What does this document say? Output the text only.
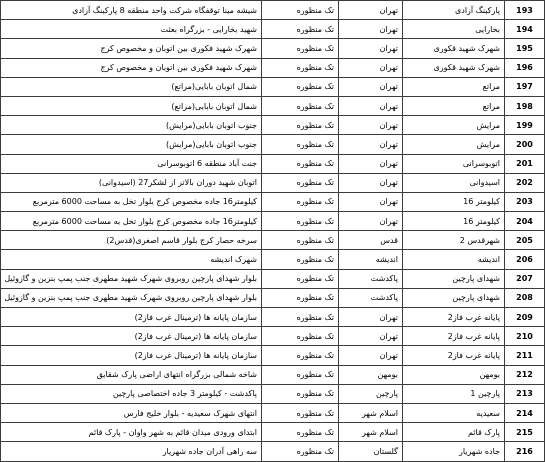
شیشه مینا توقفگاه شرکت واحد منطقه 8 پارکینگ آزادی	تک منظوره	تهران	پارکینگ آزادی	193
شهید بخارایی - بزرگراه بعثت	تک منظوره	تهران	بخارایی	194
شهرک شهید فکوری بین اتوبان و مخصوص کرج	تک منظوره	تهران	شهرک شهید قکوری	195
شهرک شهید فکوری بین اتوبان و مخصوص کرج	تک منظوره	تهران	شهرک شهید قکوری	196
شمال اتوبان بابایی(مراتع)	تک منظوره	تهران	مراتع	197
شمال اتوبان بابایی(مراتع)	تک منظوره	تهران	مراتع	198
جنوب اتوبان بابایی(مرایش)	تک منظوره	تهران	مرایش	199
جنوب اتوبان بابایی(مرایش)	تک منظوره	تهران	مرایش	200
جنت آباد منطقه 6 اتوبوسرانی	تک منظوره	تهران	اتوبوسرانی	201
اتوبان شهید دوران بالاتر از لشکر27 (اسیدوانی)	تک منظوره	تهران	اسیدوانی	202
کیلومتر16 جاده مخصوص کرج بلوار تخل به مساحت 6000 مترمربع	تک منظوره	تهران	کیلومتر 16	203
کیلومتر16 جاده مخصوص کرج بلوار تخل به مساحت 6000 مترمربع	تک منظوره	تهران	کیلومتر 16	204
سرخه حصار کرج بلوار قاسم اصغری(قدس2)	تک منظوره	قدس	شهرقدس 2	205
شهرک اندیشه	تک منظوره	اندیشه	اندیشه	206
بلوار شهدای پارچین روبروی شهرک شهید مطهری جنب پمپ بنزین و گازوئیل	تک منظوره	پاکدشت	شهدای پارچین	207
بلوار شهدای پارچین روبروی شهرک شهید مطهری جنب پمپ بنزین و گازوئیل	تک منظوره	پاکدشت	شهدای پارچین	208
سازمان پایانه ها (ترمینال غرب فاز2)	تک منظوره	تهران	پایانه غرب فاز2	209
سازمان پایانه ها (ترمینال غرب فاز2)	تک منظوره	تهران	پایانه غرب فاز2	210
سازمان پایانه ها (ترمینال غرب فاز2)	تک منظوره	تهران	پایانه غرب فاز2	211
شاخه شمالی بزرگراه انتهای اراضی پارک شقایق	تک منظوره	بومهن	بومهن	212
پاکدشت - کیلومتر 3 جاده اختصاصی پارچین	تک منظوره	پارچین	پارچین 1	213
انتهای شهرک سعیدیه - بلوار خلیج فارس	تک منظوره	اسلام شهر	سعیدیه	214
ابتدای ورودی میدان قائم به شهر واوان - پارک قائم	تک منظوره	اسلام شهر	پارک قائم	215
سه راهی آدران جاده شهریار	تک منظوره	گلستان	جاده شهریار	216
